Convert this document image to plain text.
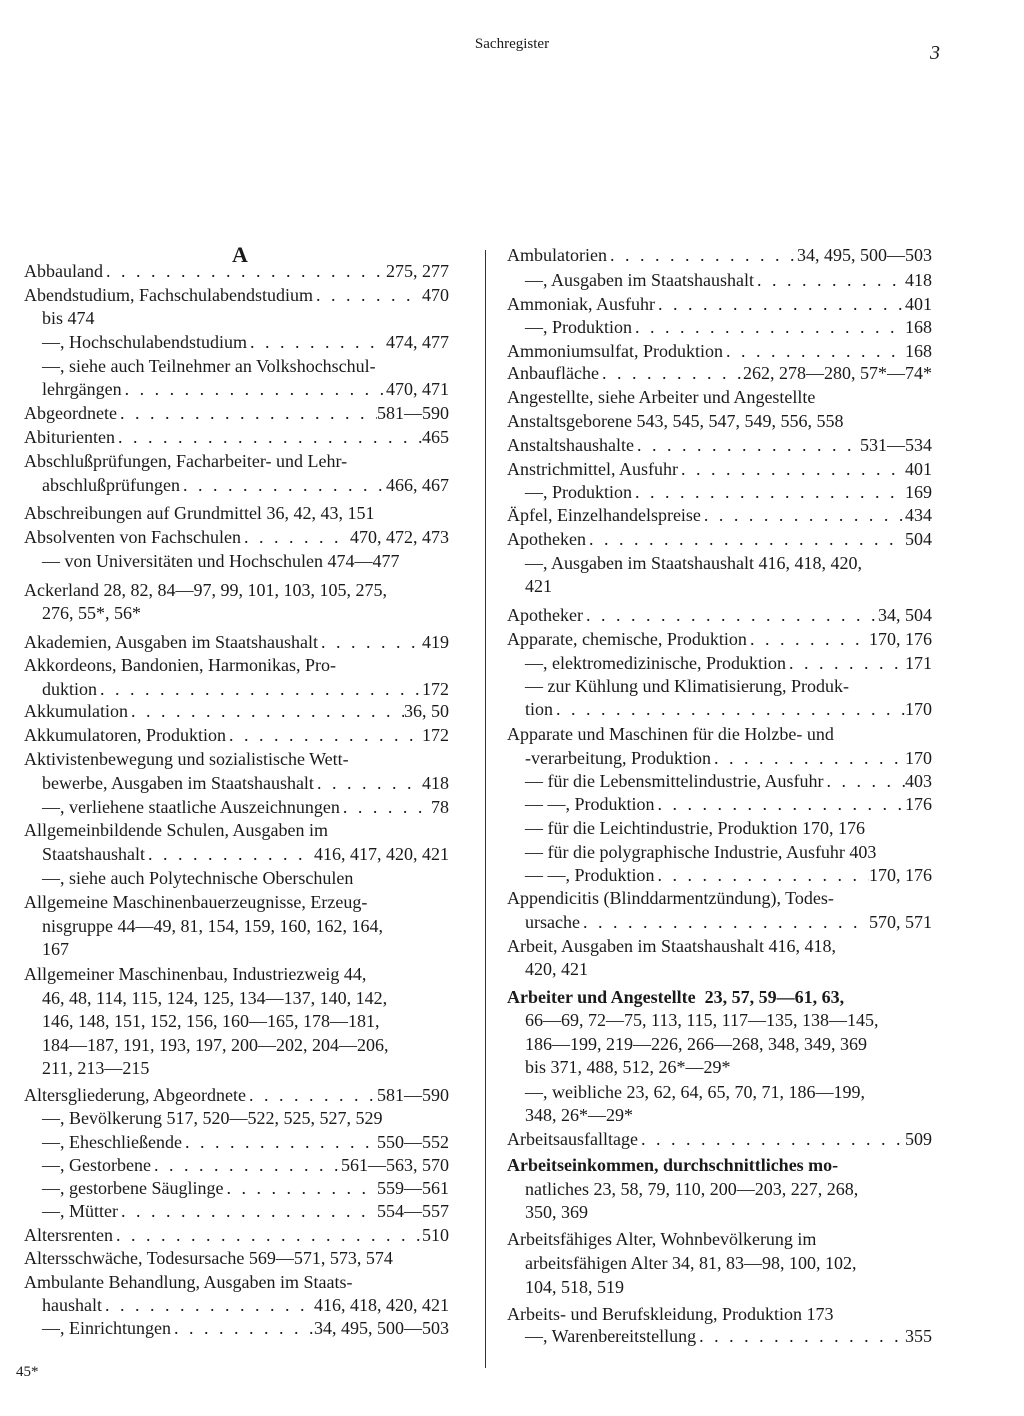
Sachregister	3
A
Abbauland . . .	275, 277
Abendstudium, Fachschulabendstudium . . .	470
bis 474
—, Hochschulabendstudium . . .	474, 477
—, siehe auch Teilnehmer an Volkshochschul-
lehrgängen . . .	470, 471
Abgeordnete . . .	581—590
Abiturienten . . .	465
Abschlußprüfungen, Facharbeiter- und Lehr-
abschlußprüfungen . . .	466, 467
Abschreibungen auf Grundmittel 36, 42, 43, 151
Absolventen von Fachschulen . . .	470, 472, 473
— von Universitäten und Hochschulen 474—477
Ackerland 28, 82, 84—97, 99, 101, 103, 105, 275,
276, 55*, 56*
Akademien, Ausgaben im Staatshaushalt . . .	419
Akkordeons, Bandonien, Harmonikas, Pro-
duktion . . .	172
Akkumulation . . .	36, 50
Akkumulatoren, Produktion . . .	172
Aktivistenbewegung und sozialistische Wett-
bewerbe, Ausgaben im Staatshaushalt . . .	418
—, verliehene staatliche Auszeichnungen . . .	78
Allgemeinbildende Schulen, Ausgaben im
Staatshaushalt . . .	416, 417, 420, 421
—, siehe auch Polytechnische Oberschulen
Allgemeine Maschinenbauerzeugnisse, Erzeug-
nisgruppe 44—49, 81, 154, 159, 160, 162, 164,
167
Allgemeiner Maschinenbau, Industriezweig 44,
46, 48, 114, 115, 124, 125, 134—137, 140, 142,
146, 148, 151, 152, 156, 160—165, 178—181,
184—187, 191, 193, 197, 200—202, 204—206,
211, 213—215
Altersgliederung, Abgeordnete . . .	581—590
—, Bevölkerung 517, 520—522, 525, 527, 529
—, Eheschließende . . .	550—552
—, Gestorbene . . .	561—563, 570
—, gestorbene Säuglinge . . .	559—561
—, Mütter . . .	554—557
Altersrenten . . .	510
Altersschwäche, Todesursache 569—571, 573, 574
Ambulante Behandlung, Ausgaben im Staats-
haushalt . . .	416, 418, 420, 421
—, Einrichtungen . . .	34, 495, 500—503
Ambulatorien . . .	34, 495, 500—503
—, Ausgaben im Staatshaushalt . . .	418
Ammoniak, Ausfuhr . . .	401
—, Produktion . . .	168
Ammoniumsulfat, Produktion . . .	168
Anbaufläche . . .	262, 278—280, 57*—74*
Angestellte, siehe Arbeiter und Angestellte
Anstaltsgeborene 543, 545, 547, 549, 556, 558
Anstaltshaushalte . . .	531—534
Anstrichmittel, Ausfuhr . . .	401
—, Produktion . . .	169
Äpfel, Einzelhandelspreise . . .	434
Apotheken . . .	504
—, Ausgaben im Staatshaushalt 416, 418, 420,
421
Apotheker . . .	34, 504
Apparate, chemische, Produktion . . .	170, 176
—, elektromedizinische, Produktion . . .	171
— zur Kühlung und Klimatisierung, Produk-
tion . . .	170
Apparate und Maschinen für die Holzbe- und
-verarbeitung, Produktion . . .	170
— für die Lebensmittelindustrie, Ausfuhr . . .	403
— —, Produktion . . .	176
— für die Leichtindustrie, Produktion 170, 176
— für die polygraphische Industrie, Ausfuhr 403
— —, Produktion . . .	170, 176
Appendicitis (Blinddarmentzündung), Todes-
ursache . . .	570, 571
Arbeit, Ausgaben im Staatshaushalt 416, 418,
420, 421
Arbeiter und Angestellte 23, 57, 59—61, 63,
66—69, 72—75, 113, 115, 117—135, 138—145,
186—199, 219—226, 266—268, 348, 349, 369
bis 371, 488, 512, 26*—29*
—, weibliche 23, 62, 64, 65, 70, 71, 186—199,
348, 26*—29*
Arbeitsausfalltage . . .	509
Arbeitseinkommen, durchschnittliches mo-
natliches 23, 58, 79, 110, 200—203, 227, 268,
350, 369
Arbeitsfähiges Alter, Wohnbevölkerung im
arbeitsfähigen Alter 34, 81, 83—98, 100, 102,
104, 518, 519
Arbeits- und Berufskleidung, Produktion 173
—, Warenbereitstellung . . .	355
45*
